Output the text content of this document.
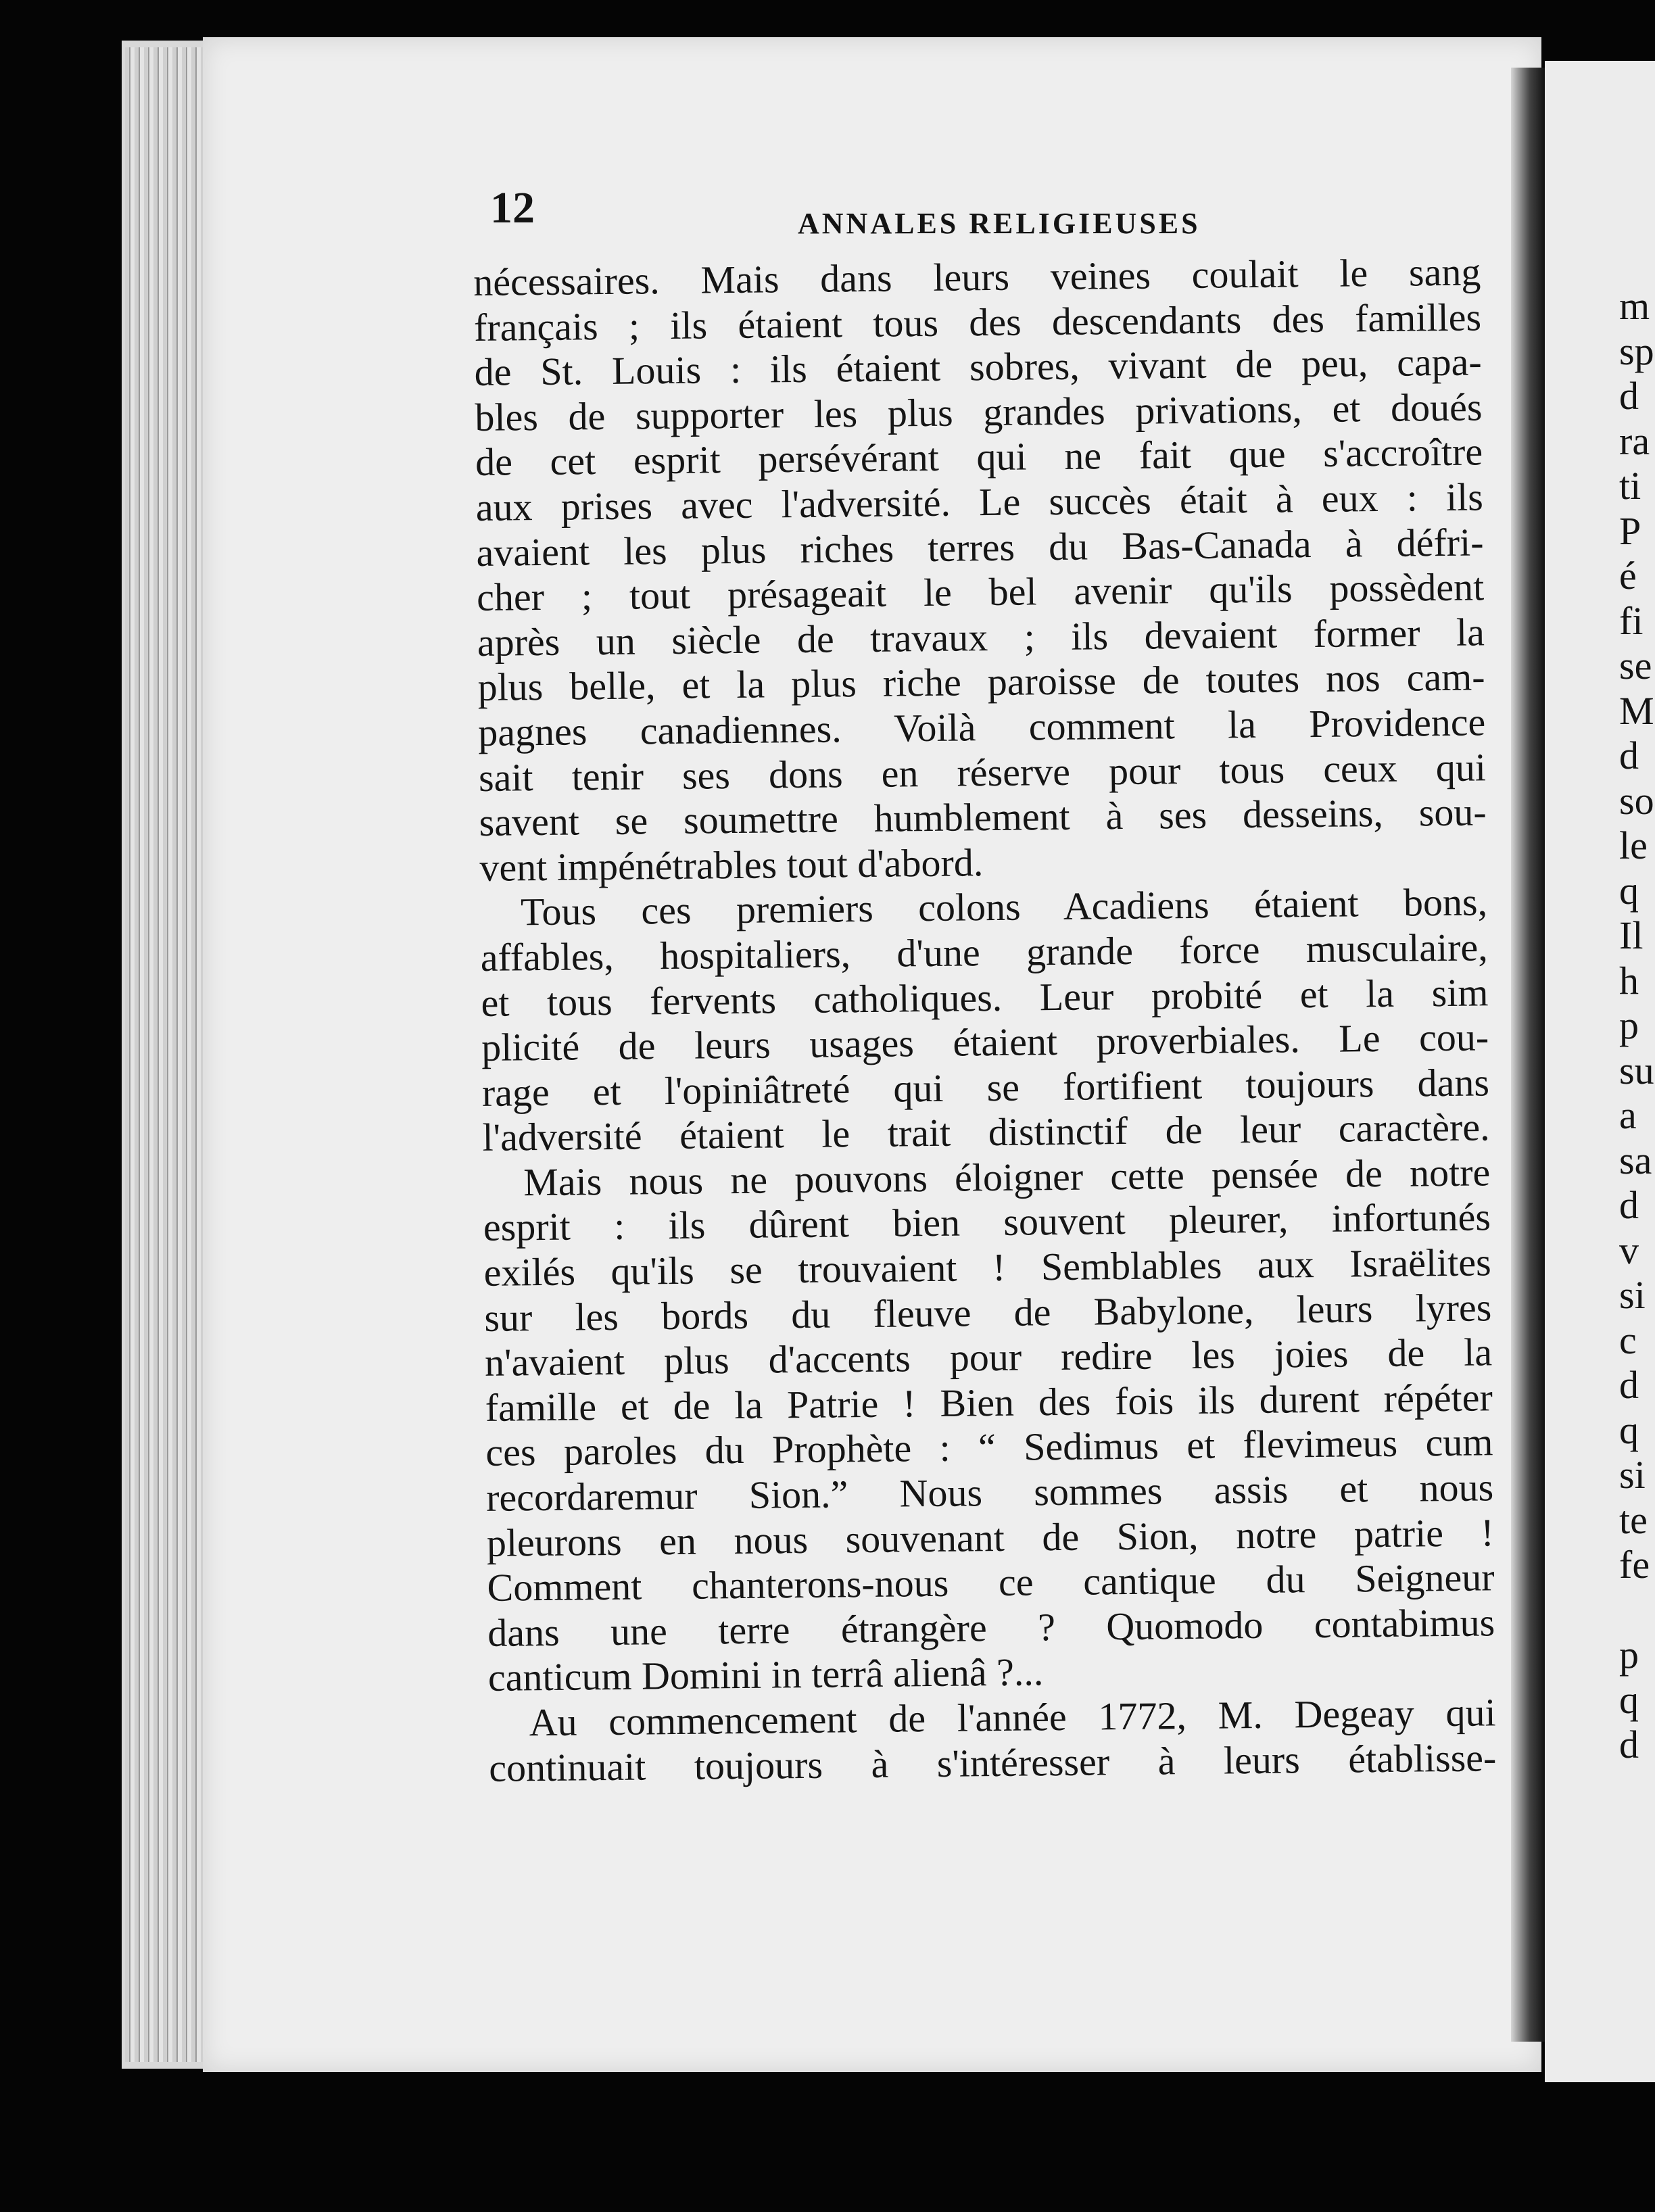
m
sp
d
ra
ti
P
é
fi
se
M
d
so
le
q
Il
h
p
su
a
sa
d
v
si
c
d
q
si
te
fe
p
q
d
12	ANNALES RELIGIEUSES
nécessaires. Mais dans leurs veines coulait le sang
français ; ils étaient tous des descendants des familles
de St. Louis : ils étaient sobres, vivant de peu, capa-
bles de supporter les plus grandes privations, et doués
de cet esprit persévérant qui ne fait que s'accroître
aux prises avec l'adversité. Le succès était à eux : ils
avaient les plus riches terres du Bas-Canada à défri-
cher ; tout présageait le bel avenir qu'ils possèdent
après un siècle de travaux ; ils devaient former la
plus belle, et la plus riche paroisse de toutes nos cam-
pagnes canadiennes. Voilà comment la Providence
sait tenir ses dons en réserve pour tous ceux qui
savent se soumettre humblement à ses desseins, sou-
vent impénétrables tout d'abord.
Tous ces premiers colons Acadiens étaient bons,
affables, hospitaliers, d'une grande force musculaire,
et tous fervents catholiques. Leur probité et la sim
plicité de leurs usages étaient proverbiales. Le cou-
rage et l'opiniâtreté qui se fortifient toujours dans
l'adversité étaient le trait distinctif de leur caractère.
Mais nous ne pouvons éloigner cette pensée de notre
esprit : ils dûrent bien souvent pleurer, infortunés
exilés qu'ils se trouvaient ! Semblables aux Israëlites
sur les bords du fleuve de Babylone, leurs lyres
n'avaient plus d'accents pour redire les joies de la
famille et de la Patrie ! Bien des fois ils durent répéter
ces paroles du Prophète : “ Sedimus et flevimeus cum
recordaremur Sion.” Nous sommes assis et nous
pleurons en nous souvenant de Sion, notre patrie !
Comment chanterons-nous ce cantique du Seigneur
dans une terre étrangère ? Quomodo contabimus
canticum Domini in terrâ alienâ ?...
Au commencement de l'année 1772, M. Degeay qui
continuait toujours à s'intéresser à leurs établisse-
